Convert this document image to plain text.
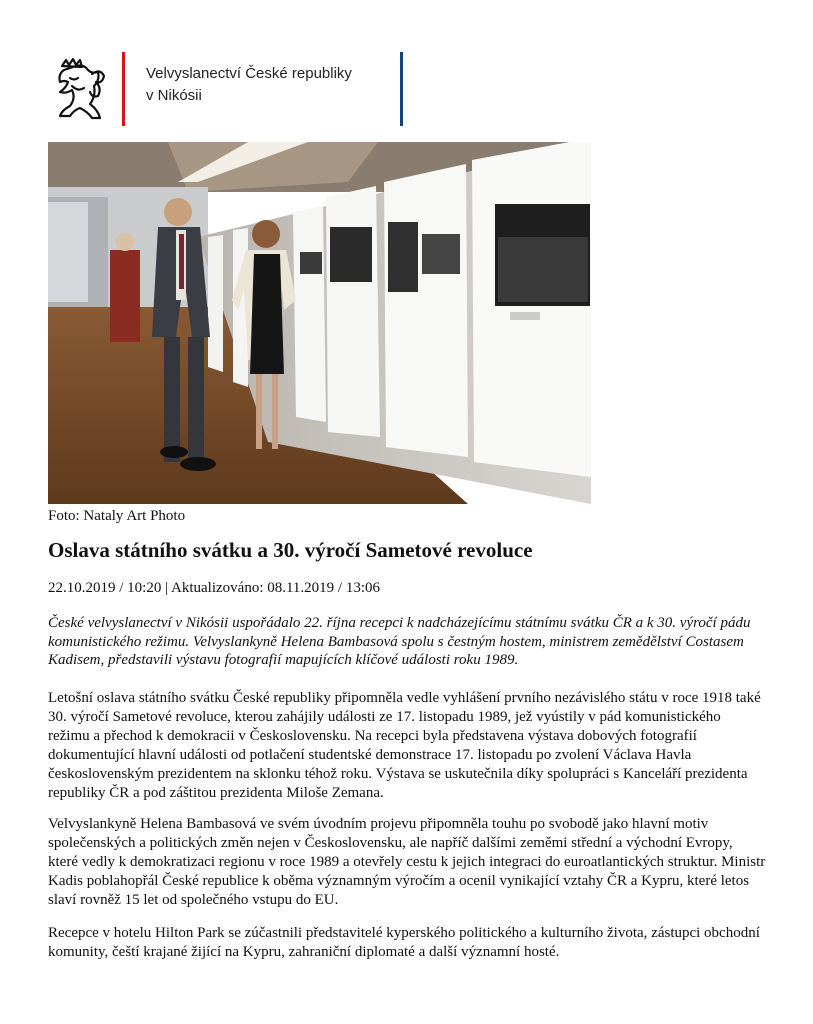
Velvyslanectví České republiky
v Nikósii
Foto: Nataly Art Photo
Oslava státního svátku a 30. výročí Sametové revoluce
22.10.2019 / 10:20 | Aktualizováno: 08.11.2019 / 13:06

České velvyslanectví v Nikósii uspořádalo 22. října recepci k nadcházejícímu státnímu svátku ČR a k 30. výročí pádu komunistického režimu. Velvyslankyně Helena Bambasová spolu s čestným hostem, ministrem zemědělství Costasem Kadisem, představili výstavu fotografií mapujících klíčové události roku 1989.

Letošní oslava státního svátku České republiky připomněla vedle vyhlášení prvního nezávislého státu v roce 1918 také 30. výročí Sametové revoluce, kterou zahájily události ze 17. listopadu 1989, jež vyústily v pád komunistického režimu a přechod k demokracii v Československu. Na recepci byla představena výstava dobových fotografií dokumentující hlavní události od potlačení studentské demonstrace 17. listopadu po zvolení Václava Havla československým prezidentem na sklonku téhož roku. Výstava se uskutečnila díky spolupráci s Kanceláří prezidenta republiky ČR a pod záštitou prezidenta Miloše Zemana.

Velvyslankyně Helena Bambasová ve svém úvodním projevu připomněla touhu po svobodě jako hlavní motiv společenských a politických změn nejen v Československu, ale napříč dalšími zeměmi střední a východní Evropy, které vedly k demokratizaci regionu v roce 1989 a otevřely cestu k jejich integraci do euroatlantických struktur. Ministr Kadis poblahopřál České republice k oběma významným výročím a ocenil vynikající vztahy ČR a Kypru, které letos slaví rovněž 15 let od společného vstupu do EU.

Recepce v hotelu Hilton Park se zúčastnili představitelé kyperského politického a kulturního života, zástupci obchodní komunity, čeští krajané žijící na Kypru, zahraniční diplomaté a další významní hosté.
